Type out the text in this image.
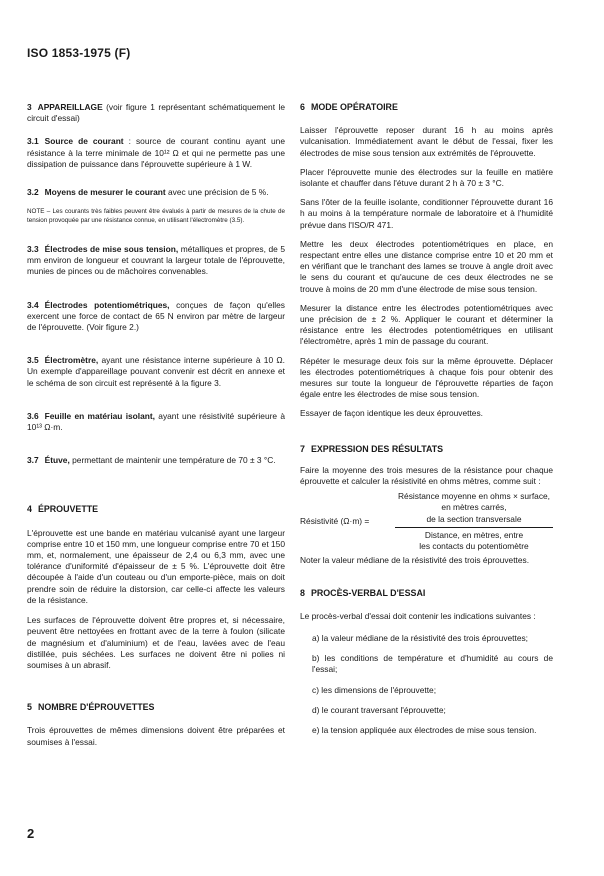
ISO 1853-1975 (F)

3 APPAREILLAGE (voir figure 1 représentant schématiquement le circuit d'essai)

3.1 Source de courant : source de courant continu ayant une résistance à la terre minimale de 10¹² Ω et qui ne permette pas une dissipation de puissance dans l'éprouvette supérieure à 1 W.

3.2 Moyens de mesurer le courant avec une précision de 5 %.

NOTE – Les courants très faibles peuvent être évalués à partir de mesures de la chute de tension provoquée par une résistance connue, en utilisant l'électromètre (3.5).

3.3 Électrodes de mise sous tension, métalliques et propres, de 5 mm environ de longueur et couvrant la largeur totale de l'éprouvette, munies de pinces ou de mâchoires convenables.

3.4 Électrodes potentiométriques, conçues de façon qu'elles exercent une force de contact de 65 N environ par mètre de largeur de l'éprouvette. (Voir figure 2.)

3.5 Électromètre, ayant une résistance interne supérieure à 10 Ω. Un exemple d'appareillage pouvant convenir est décrit en annexe et le schéma de son circuit est représenté à la figure 3.

3.6 Feuille en matériau isolant, ayant une résistivité supérieure à 10¹³ Ω·m.

3.7 Étuve, permettant de maintenir une température de 70 ± 3 °C.

4 ÉPROUVETTE

L'éprouvette est une bande en matériau vulcanisé ayant une largeur comprise entre 10 et 150 mm, une longueur comprise entre 70 et 150 mm, et, normalement, une épaisseur de 2,4 ou 6,3 mm, avec une tolérance d'uniformité d'épaisseur de ± 5 %. L'éprouvette doit être découpée à l'aide d'un couteau ou d'un emporte-pièce, mais on doit prendre soin de réduire la distorsion, car celle-ci affecte les valeurs de la résistance.

Les surfaces de l'éprouvette doivent être propres et, si nécessaire, peuvent être nettoyées en frottant avec de la terre à foulon (silicate de magnésium et d'aluminium) et de l'eau, lavées avec de l'eau distillée, puis séchées. Les surfaces ne doivent être ni polies ni soumises à un abrasif.

5 NOMBRE D'ÉPROUVETTES

Trois éprouvettes de mêmes dimensions doivent être préparées et soumises à l'essai.

6 MODE OPÉRATOIRE

Laisser l'éprouvette reposer durant 16 h au moins après vulcanisation. Immédiatement avant le début de l'essai, fixer les électrodes de mise sous tension aux extrémités de l'éprouvette.

Placer l'éprouvette munie des électrodes sur la feuille en matière isolante et chauffer dans l'étuve durant 2 h à 70 ± 3 °C.

Sans l'ôter de la feuille isolante, conditionner l'éprouvette durant 16 h au moins à la température normale de laboratoire et à l'humidité prévue dans l'ISO/R 471.

Mettre les deux électrodes potentiométriques en place, en respectant entre elles une distance comprise entre 10 et 20 mm et en vérifiant que le tranchant des lames se trouve à angle droit avec le sens du courant et qu'aucune de ces deux électrodes ne se trouve à moins de 20 mm d'une électrode de mise sous tension.

Mesurer la distance entre les électrodes potentiométriques avec une précision de ± 2 %. Appliquer le courant et déterminer la résistance entre les électrodes potentiométriques en utilisant l'électromètre, après 1 min de passage du courant.

Répéter le mesurage deux fois sur la même éprouvette. Déplacer les électrodes potentiométriques à chaque fois pour obtenir des mesures sur toute la longueur de l'éprouvette réparties de façon égale entre les électrodes de mise sous tension.

Essayer de façon identique les deux éprouvettes.

7 EXPRESSION DES RÉSULTATS

Faire la moyenne des trois mesures de la résistance pour chaque éprouvette et calculer la résistivité en ohms mètres, comme suit :

Résistivité (Ω·m) =
Résistance moyenne en ohms × surface,
en mètres carrés,
de la section transversale
Distance, en mètres, entre
les contacts du potentiomètre

Noter la valeur médiane de la résistivité des trois éprouvettes.

8 PROCÈS-VERBAL D'ESSAI

Le procès-verbal d'essai doit contenir les indications suivantes :

a) la valeur médiane de la résistivité des trois éprouvettes;

b) les conditions de température et d'humidité au cours de l'essai;

c) les dimensions de l'éprouvette;

d) le courant traversant l'éprouvette;

e) la tension appliquée aux électrodes de mise sous tension.

2
